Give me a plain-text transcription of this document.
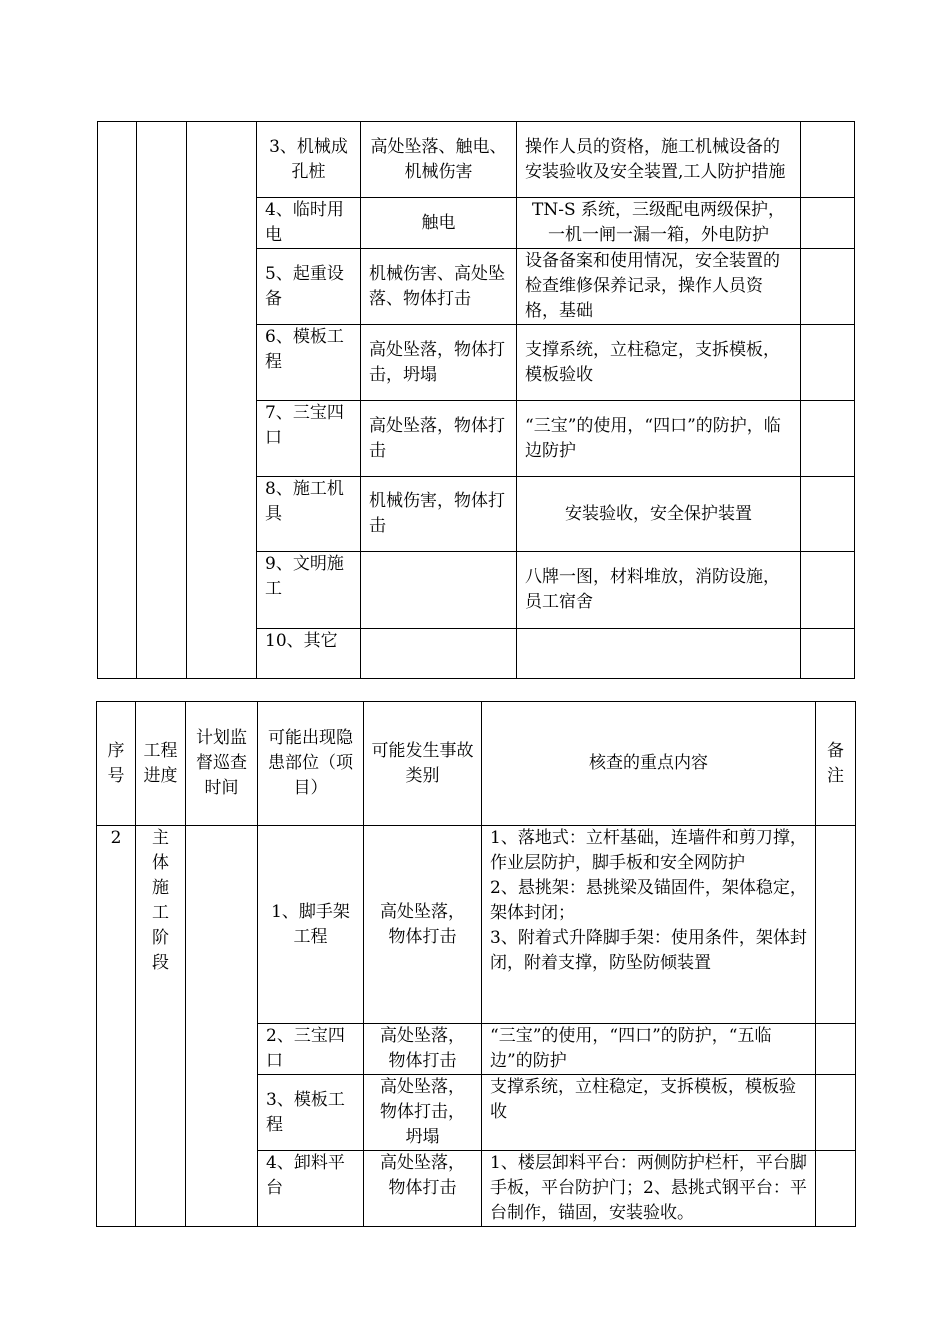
			3、机械成孔桩	高处坠落、触电、机械伤害	操作人员的资格，施工机械设备的安装验收及安全装置,工人防护措施	
			4、临时用电	触电	TN-S 系统，三级配电两级保护，一机一闸一漏一箱，外电防护	
			5、起重设备	机械伤害、高处坠落、物体打击	设备备案和使用情况，安全装置的检查维修保养记录，操作人员资格，基础	
			6、模板工程	高处坠落，物体打击，坍塌	支撑系统，立柱稳定，支拆模板，模板验收	
			7、三宝四口	高处坠落，物体打击	“三宝”的使用，“四口”的防护，临边防护	
			8、施工机具	机械伤害，物体打击	安装验收，安全保护装置	
			9、文明施工		八牌一图，材料堆放，消防设施，员工宿舍	
			10、其它			
序号	工程进度	计划监督巡查时间	可能出现隐患部位（项目）	可能发生事故类别	核查的重点内容	备注
2	主体施工阶段		1、脚手架工程	高处坠落，物体打击	1、落地式：立杆基础，连墙件和剪刀撑，作业层防护，脚手板和安全网防护
2、悬挑架：悬挑梁及锚固件，架体稳定，架体封闭；
3、附着式升降脚手架：使用条件，架体封闭，附着支撑，防坠防倾装置	
			2、三宝四口	高处坠落，物体打击	“三宝”的使用，“四口”的防护，“五临边”的防护	
			3、模板工程	高处坠落，物体打击，坍塌	支撑系统，立柱稳定，支拆模板，模板验收	
			4、卸料平台	高处坠落，物体打击	1、楼层卸料平台：两侧防护栏杆，平台脚手板，平台防护门；2、悬挑式钢平台：平台制作，锚固，安装验收。	
